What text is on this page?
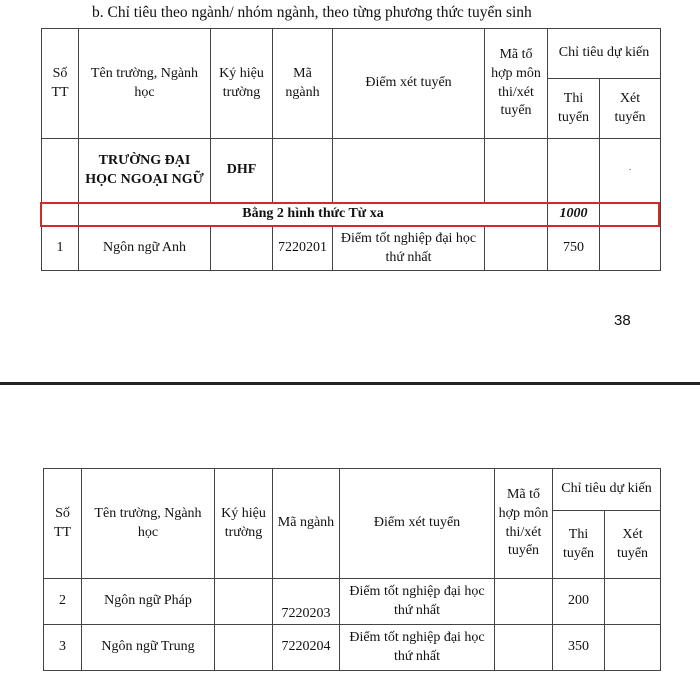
b. Chỉ tiêu theo ngành/ nhóm ngành, theo từng phương thức tuyển sinh
Số TT	Tên trường, Ngành học	Ký hiệu trường	Mã ngành	Điểm xét tuyển	Mã tổ hợp môn thi/xét tuyển	Chỉ tiêu dự kiến	
						Thi tuyển	Xét tuyển
	TRƯỜNG ĐẠI HỌC NGOẠI NGỮ	DHF					·

	Bằng 2 hình thức Từ xa					1000	
1	Ngôn ngữ Anh		7220201	Điểm tốt nghiệp đại học thứ nhất		750	
38
Số TT	Tên trường, Ngành học	Ký hiệu trường	Mã ngành	Điểm xét tuyển	Mã tổ hợp môn thi/xét tuyển	Chỉ tiêu dự kiến	
						Thi tuyển	Xét tuyển
2	Ngôn ngữ Pháp		7220203	Điểm tốt nghiệp đại học thứ nhất		200	
3	Ngôn ngữ Trung		7220204	Điểm tốt nghiệp đại học thứ nhất		350	
